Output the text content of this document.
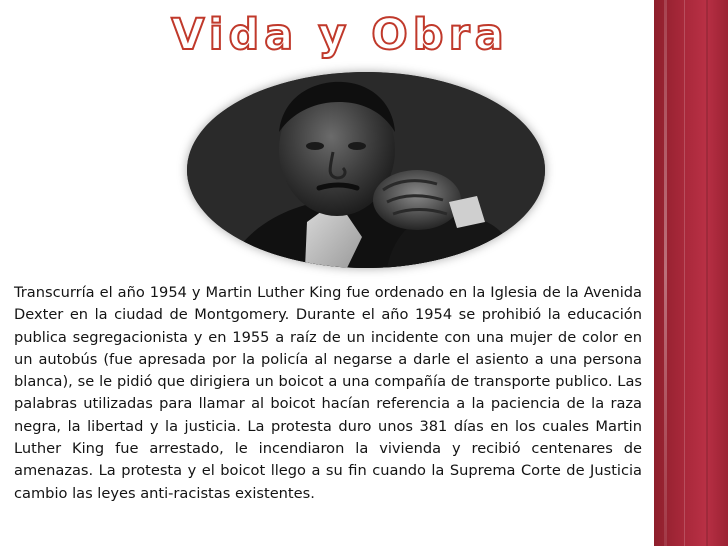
Vida y Obra
Transcurría el año 1954 y Martin Luther King fue ordenado en la Iglesia de la Avenida Dexter en la ciudad de Montgomery. Durante el año 1954 se prohibió la educación publica segregacionista y en 1955 a raíz de un incidente con una mujer de color en un autobús (fue apresada por la policía al negarse a darle el asiento a una persona blanca), se le pidió que dirigiera un boicot a una compañía de transporte publico. Las palabras utilizadas para llamar al boicot hacían referencia a la paciencia de la raza negra, la libertad y la justicia. La protesta duro unos 381 días en los cuales Martin Luther King fue arrestado, le incendiaron la vivienda y recibió centenares de amenazas. La protesta y el boicot llego a su fin cuando la Suprema Corte de Justicia cambio las leyes anti-racistas existentes.
